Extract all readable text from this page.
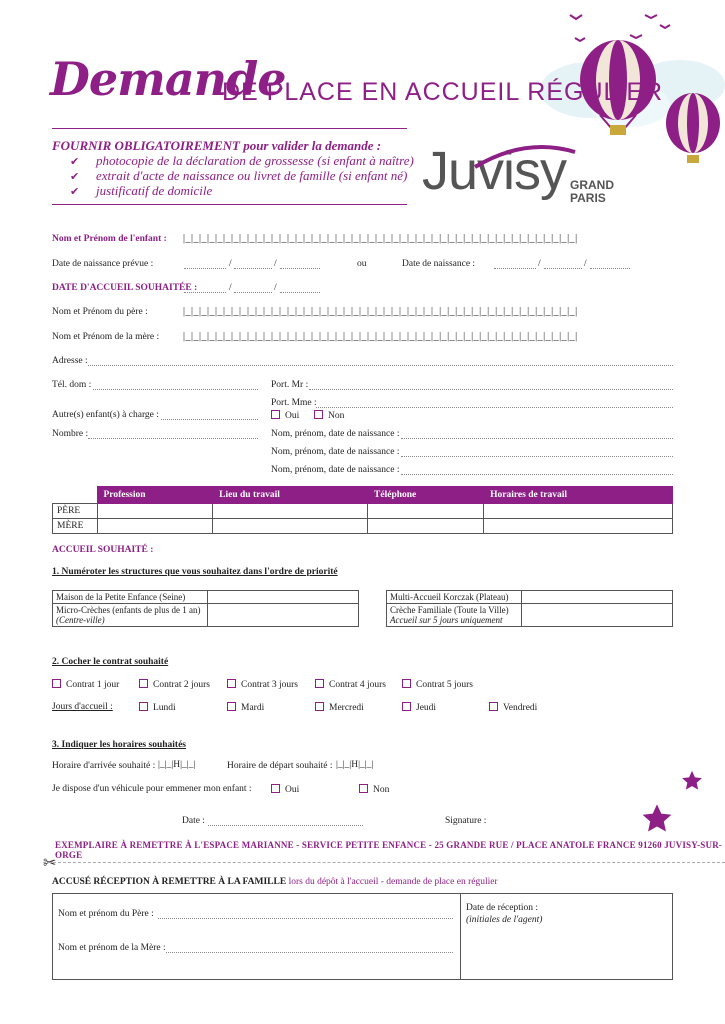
Demande
DE PLACE EN ACCUEIL RÉGULIER
FOURNIR OBLIGATOIREMENT pour valider la demande :
✔ photocopie de la déclaration de grossesse (si enfant à naître)
✔ extrait d'acte de naissance ou livret de famille (si enfant né)
✔ justificatif de domicile	Juvisy GRAND
PARIS
Nom et Prénom de l'enfant : |_|_|_|_|_|_|_|_|_|_|_|_|_|_|_|_|_|_|_|_|_|_|_|_|_|_|_|_|_|_|_|_|_|_|_|_|_|_|_|_|_|_|_|_|_|_|_|_|_|
Date de naissance prévue :	/	/	ou	Date de naissance :	/	/
DATE D'ACCUEIL SOUHAITÉE :	/	/
Nom et Prénom du père :	|_|_|_|_|_|_|_|_|_|_|_|_|_|_|_|_|_|_|_|_|_|_|_|_|_|_|_|_|_|_|_|_|_|_|_|_|_|_|_|_|_|_|_|_|_|_|_|_|_|
Nom et Prénom de la mère : |_|_|_|_|_|_|_|_|_|_|_|_|_|_|_|_|_|_|_|_|_|_|_|_|_|_|_|_|_|_|_|_|_|_|_|_|_|_|_|_|_|_|_|_|_|_|_|_|_|
Adresse :
Tél. dom :	Port. Mr :
Port. Mme :
Autre(s) enfant(s) à charge :	Oui	Non
Nombre :	Nom, prénom, date de naissance :
Nom, prénom, date de naissance :
Nom, prénom, date de naissance :
	Profession	Lieu du travail	Téléphone	Horaires de travail
PÈRE				
MÈRE				
ACCUEIL SOUHAITÉ :
1. Numéroter les structures que vous souhaitez dans l'ordre de priorité
Maison de la Petite Enfance (Seine)	

Micro-Crèches (enfants de plus de 1 an)
(Centre-ville)	

Multi-Accueil Korczak (Plateau)	

Crèche Familiale (Toute la Ville)
Accueil sur 5 jours uniquement	

2. Cocher le contrat souhaité
Contrat 1 jour	Contrat 2 jours	Contrat 3 jours	Contrat 4 jours	Contrat 5 jours
Jours d'accueil :	Lundi	Mardi	Mercredi	Jeudi	Vendredi
3. Indiquer les horaires souhaités
Horaire d'arrivée souhaité : |_|_|H|_|_|	Horaire de départ souhaité : |_|_|H|_|_|
Je dispose d'un véhicule pour emmener mon enfant :	Oui	Non
Date :	Signature :
EXEMPLAIRE À REMETTRE À L'ESPACE MARIANNE - SERVICE PETITE ENFANCE - 25 GRANDE RUE / PLACE ANATOLE FRANCE 91260 JUVISY-SUR-ORGE
✂
ACCUSÉ RÉCEPTION À REMETTRE À LA FAMILLE lors du dépôt à l'accueil - demande de place en régulier
Nom et prénom du Père :
Nom et prénom de la Mère :
Date de réception :
(initiales de l'agent)
